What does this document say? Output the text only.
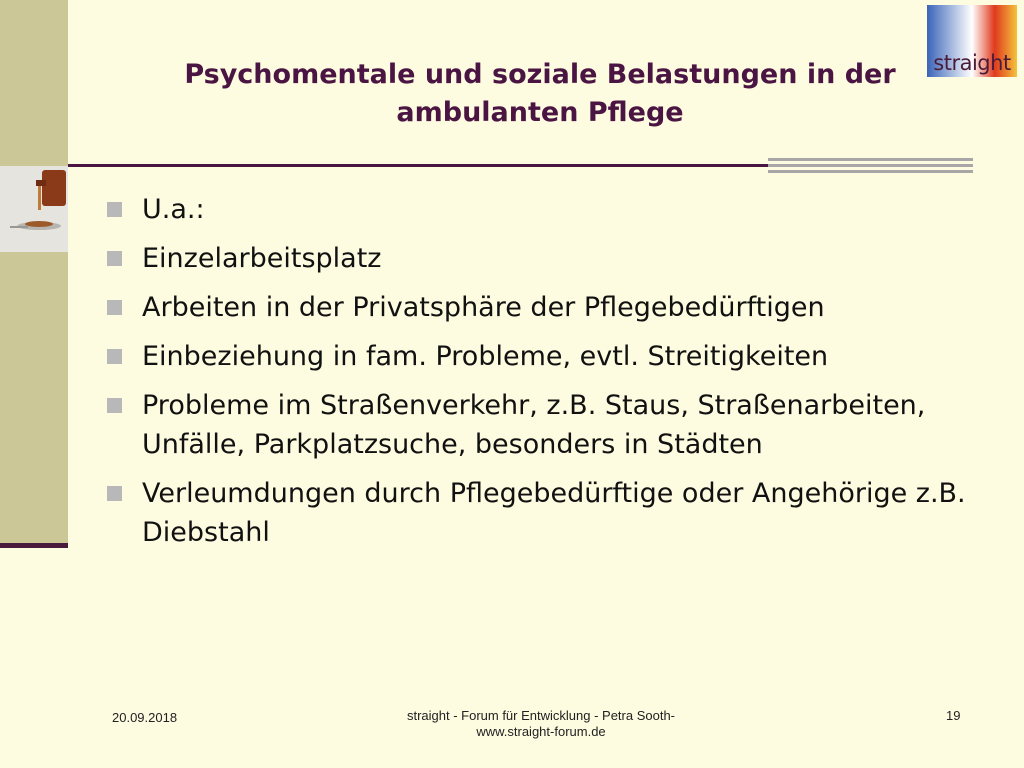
straight
Psychomentale und soziale Belastungen in der
ambulanten Pflege
U.a.:
Einzelarbeitsplatz
Arbeiten in der Privatsphäre der Pflegebedürftigen
Einbeziehung in fam. Probleme, evtl. Streitigkeiten
Probleme im Straßenverkehr, z.B. Staus, Straßenarbeiten, Unfälle, Parkplatzsuche, besonders in Städten
Verleumdungen durch Pflegebedürftige oder Angehörige z.B. Diebstahl
20.09.2018	straight - Forum für Entwicklung - Petra Sooth-
www.straight-forum.de
19
